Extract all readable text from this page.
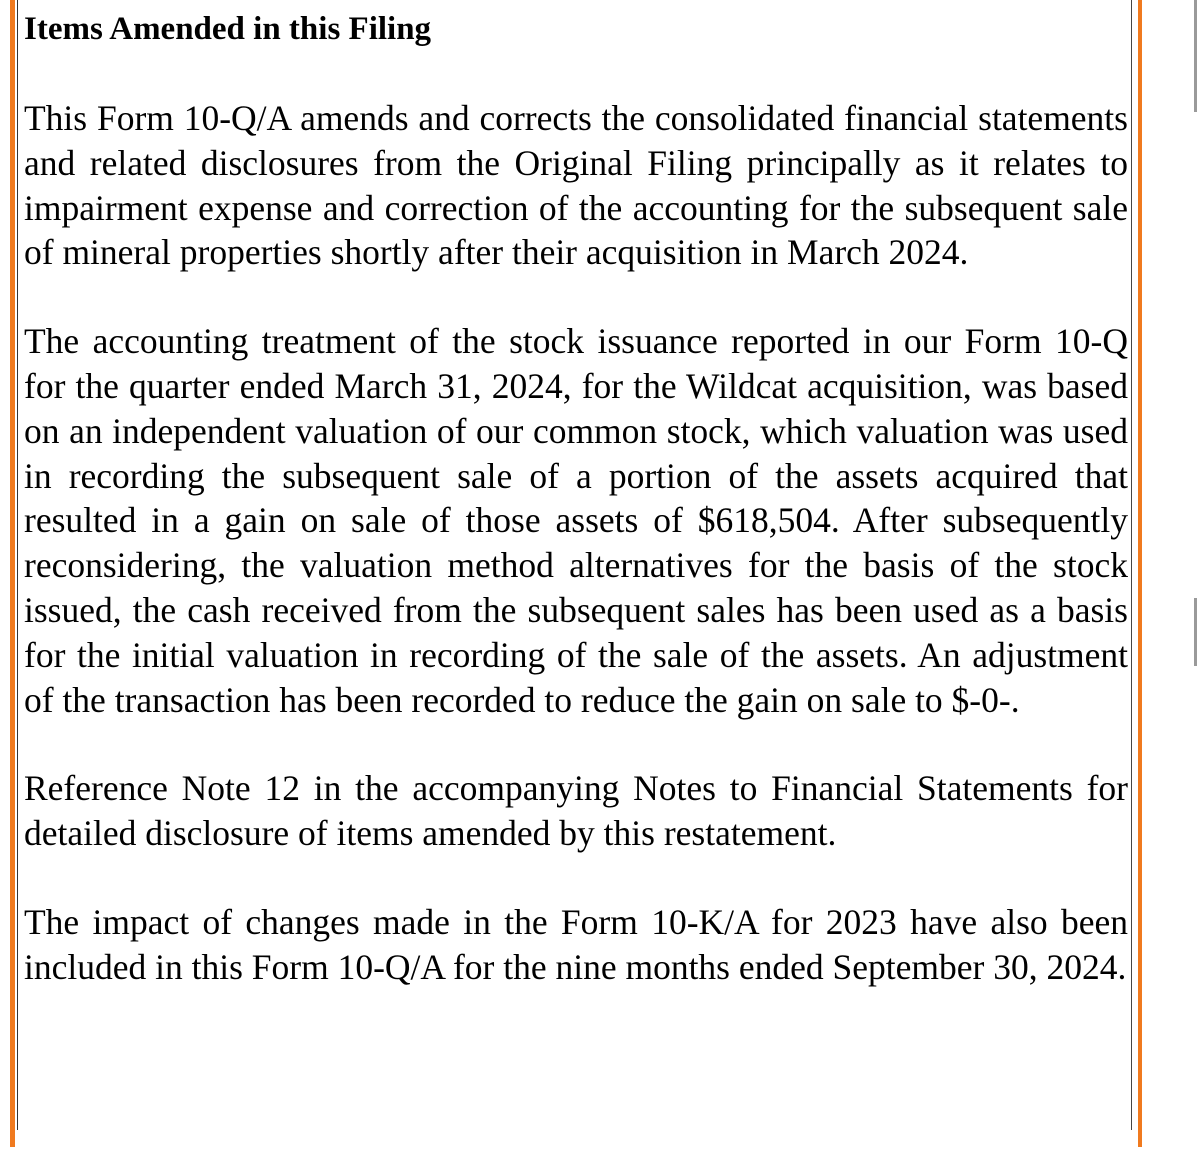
Items Amended in this Filing

This Form 10-Q/A amends and corrects the consolidated financial statements and related disclosures from the Original Filing principally as it relates to impairment expense and correction of the accounting for the subsequent sale of mineral properties shortly after their acquisition in March 2024.

The accounting treatment of the stock issuance reported in our Form 10-Q for the quarter ended March 31, 2024, for the Wildcat acquisition, was based on an independent valuation of our common stock, which valuation was used in recording the subsequent sale of a portion of the assets acquired that resulted in a gain on sale of those assets of $618,504. After subsequently reconsidering, the valuation method alternatives for the basis of the stock issued, the cash received from the subsequent sales has been used as a basis for the initial valuation in recording of the sale of the assets. An adjustment of the transaction has been recorded to reduce the gain on sale to $-0-.

Reference Note 12 in the accompanying Notes to Financial Statements for detailed disclosure of items amended by this restatement.

The impact of changes made in the Form 10-K/A for 2023 have also been included in this Form 10-Q/A for the nine months ended September 30, 2024.
